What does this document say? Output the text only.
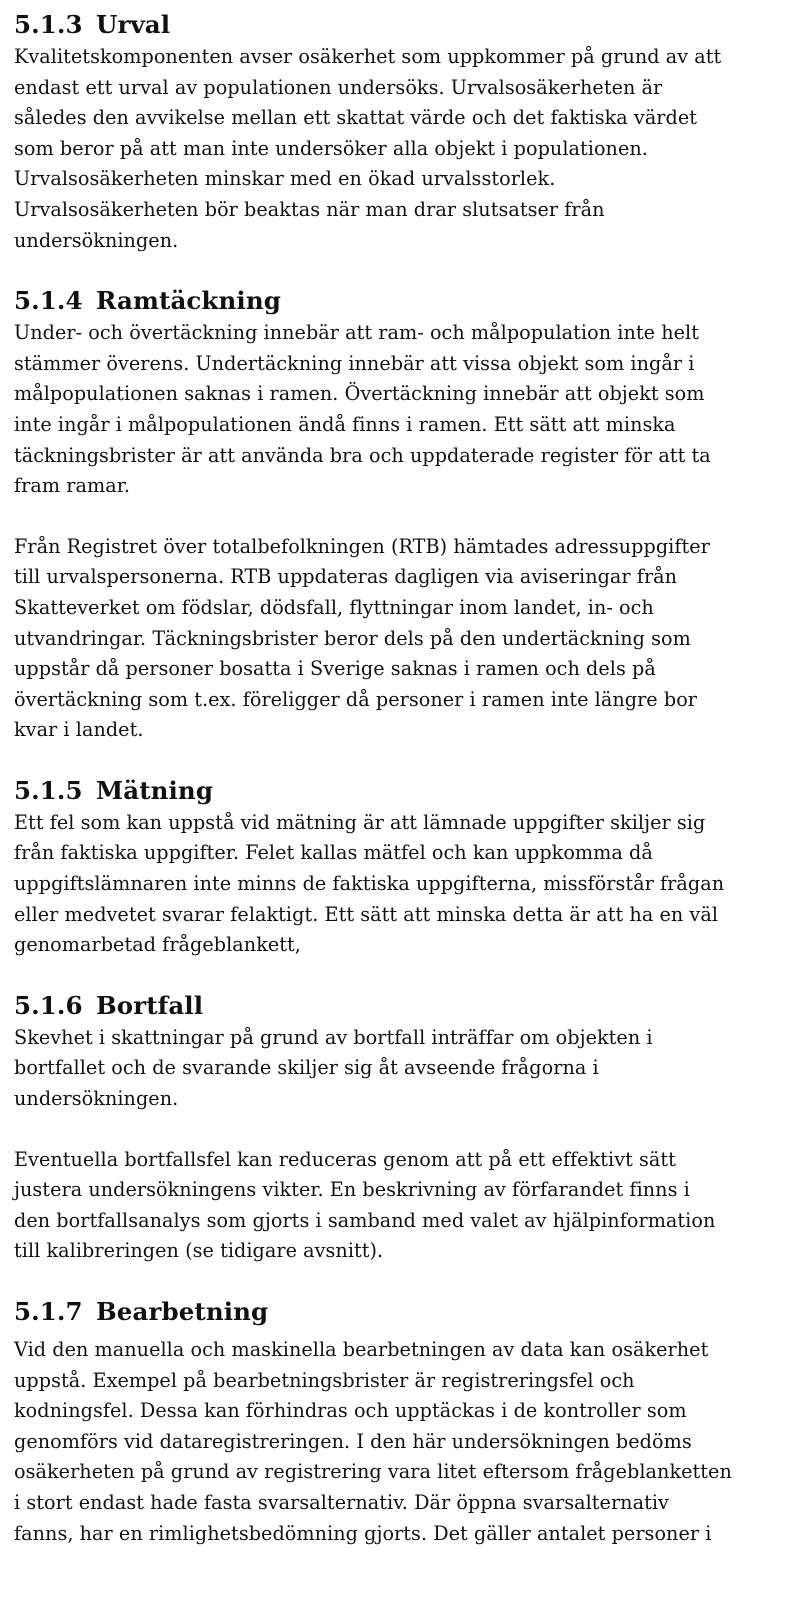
5.1.3 Urval

Kvalitetskomponenten avser osäkerhet som uppkommer på grund av att
endast ett urval av populationen undersöks. Urvalsosäkerheten är
således den avvikelse mellan ett skattat värde och det faktiska värdet
som beror på att man inte undersöker alla objekt i populationen.
Urvalsosäkerheten minskar med en ökad urvalsstorlek.
Urvalsosäkerheten bör beaktas när man drar slutsatser från
undersökningen.

5.1.4 Ramtäckning

Under- och övertäckning innebär att ram- och målpopulation inte helt
stämmer överens. Undertäckning innebär att vissa objekt som ingår i
målpopulationen saknas i ramen. Övertäckning innebär att objekt som
inte ingår i målpopulationen ändå finns i ramen. Ett sätt att minska
täckningsbrister är att använda bra och uppdaterade register för att ta
fram ramar.

Från Registret över totalbefolkningen (RTB) hämtades adressuppgifter
till urvalspersonerna. RTB uppdateras dagligen via aviseringar från
Skatteverket om födslar, dödsfall, flyttningar inom landet, in- och
utvandringar. Täckningsbrister beror dels på den undertäckning som
uppstår då personer bosatta i Sverige saknas i ramen och dels på
övertäckning som t.ex. föreligger då personer i ramen inte längre bor
kvar i landet.

5.1.5 Mätning

Ett fel som kan uppstå vid mätning är att lämnade uppgifter skiljer sig
från faktiska uppgifter. Felet kallas mätfel och kan uppkomma då
uppgiftslämnaren inte minns de faktiska uppgifterna, missförstår frågan
eller medvetet svarar felaktigt. Ett sätt att minska detta är att ha en väl
genomarbetad frågeblankett,

5.1.6 Bortfall

Skevhet i skattningar på grund av bortfall inträffar om objekten i
bortfallet och de svarande skiljer sig åt avseende frågorna i
undersökningen.

Eventuella bortfallsfel kan reduceras genom att på ett effektivt sätt
justera undersökningens vikter. En beskrivning av förfarandet finns i
den bortfallsanalys som gjorts i samband med valet av hjälpinformation
till kalibreringen (se tidigare avsnitt).

5.1.7 Bearbetning

Vid den manuella och maskinella bearbetningen av data kan osäkerhet
uppstå. Exempel på bearbetningsbrister är registreringsfel och
kodningsfel. Dessa kan förhindras och upptäckas i de kontroller som
genomförs vid dataregistreringen. I den här undersökningen bedöms
osäkerheten på grund av registrering vara litet eftersom frågeblanketten
i stort endast hade fasta svarsalternativ. Där öppna svarsalternativ
fanns, har en rimlighetsbedömning gjorts. Det gäller antalet personer i
